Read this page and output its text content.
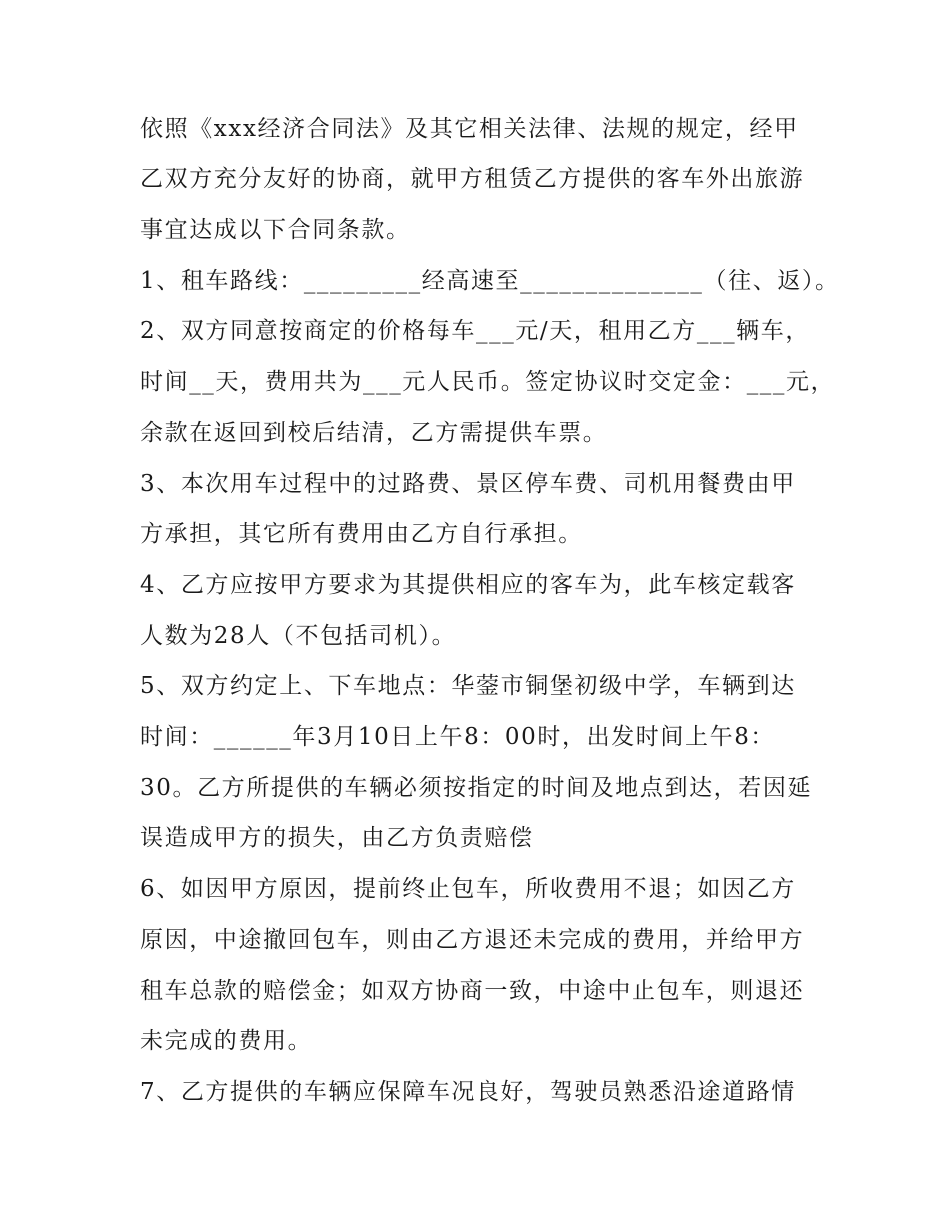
依照《xxx经济合同法》及其它相关法律、法规的规定，经甲
乙双方充分友好的协商，就甲方租赁乙方提供的客车外出旅游
事宜达成以下合同条款。
1、租车路线：_________经高速至______________（往、返）。
2、双方同意按商定的价格每车___元/天，租用乙方___辆车，
时间__天，费用共为___元人民币。签定协议时交定金：___元，
余款在返回到校后结清，乙方需提供车票。
3、本次用车过程中的过路费、景区停车费、司机用餐费由甲
方承担，其它所有费用由乙方自行承担。
4、乙方应按甲方要求为其提供相应的客车为，此车核定载客
人数为28人（不包括司机）。
5、双方约定上、下车地点：华蓥市铜堡初级中学，车辆到达
时间：______年3月10日上午8：00时，出发时间上午8：
30。乙方所提供的车辆必须按指定的时间及地点到达，若因延
误造成甲方的损失，由乙方负责赔偿
6、如因甲方原因，提前终止包车，所收费用不退；如因乙方
原因，中途撤回包车，则由乙方退还未完成的费用，并给甲方
租车总款的赔偿金；如双方协商一致，中途中止包车，则退还
未完成的费用。
7、乙方提供的车辆应保障车况良好，驾驶员熟悉沿途道路情
